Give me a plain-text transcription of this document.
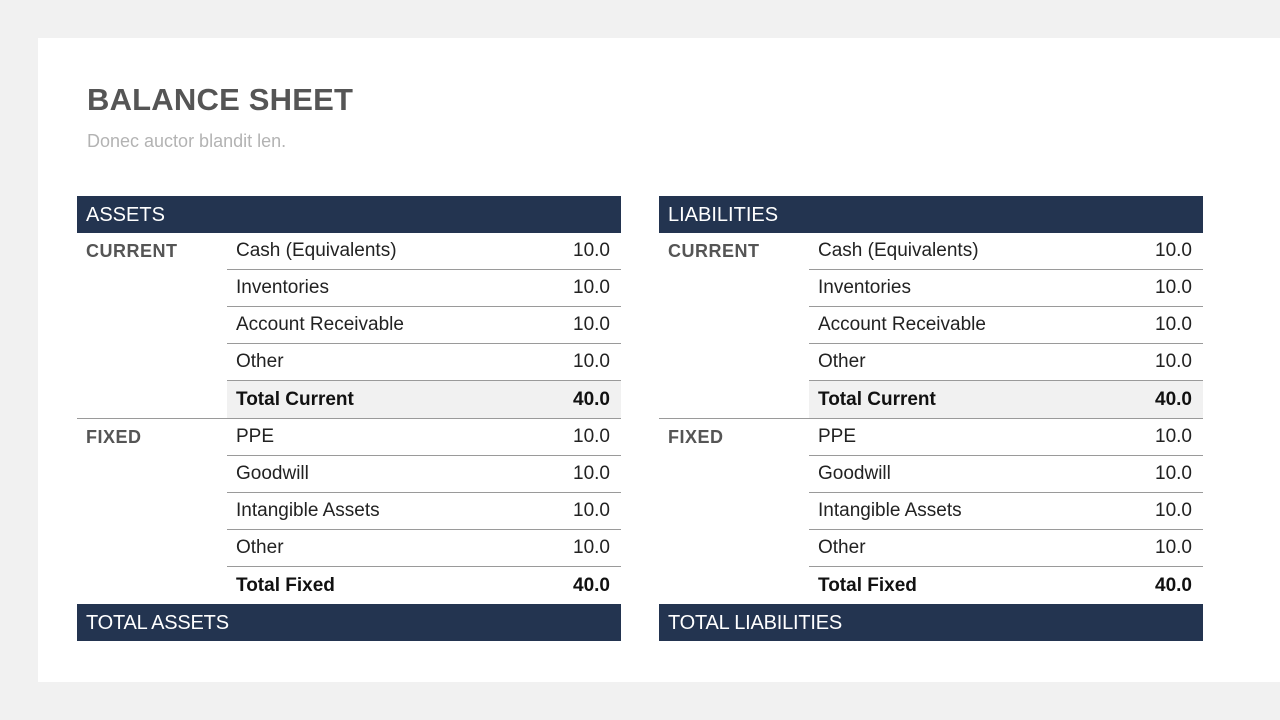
BALANCE SHEET

Donec auctor blandit len.

ASSETS
CURRENT	Cash (Equivalents)	10.0
Inventories	10.0
Account Receivable	10.0
Other	10.0
Total Current	40.0
FIXED	PPE	10.0
Goodwill	10.0
Intangible Assets	10.0
Other	10.0
Total Fixed	40.0
TOTAL ASSETS
LIABILITIES
CURRENT	Cash (Equivalents)	10.0
Inventories	10.0
Account Receivable	10.0
Other	10.0
Total Current	40.0
FIXED	PPE	10.0
Goodwill	10.0
Intangible Assets	10.0
Other	10.0
Total Fixed	40.0
TOTAL LIABILITIES
